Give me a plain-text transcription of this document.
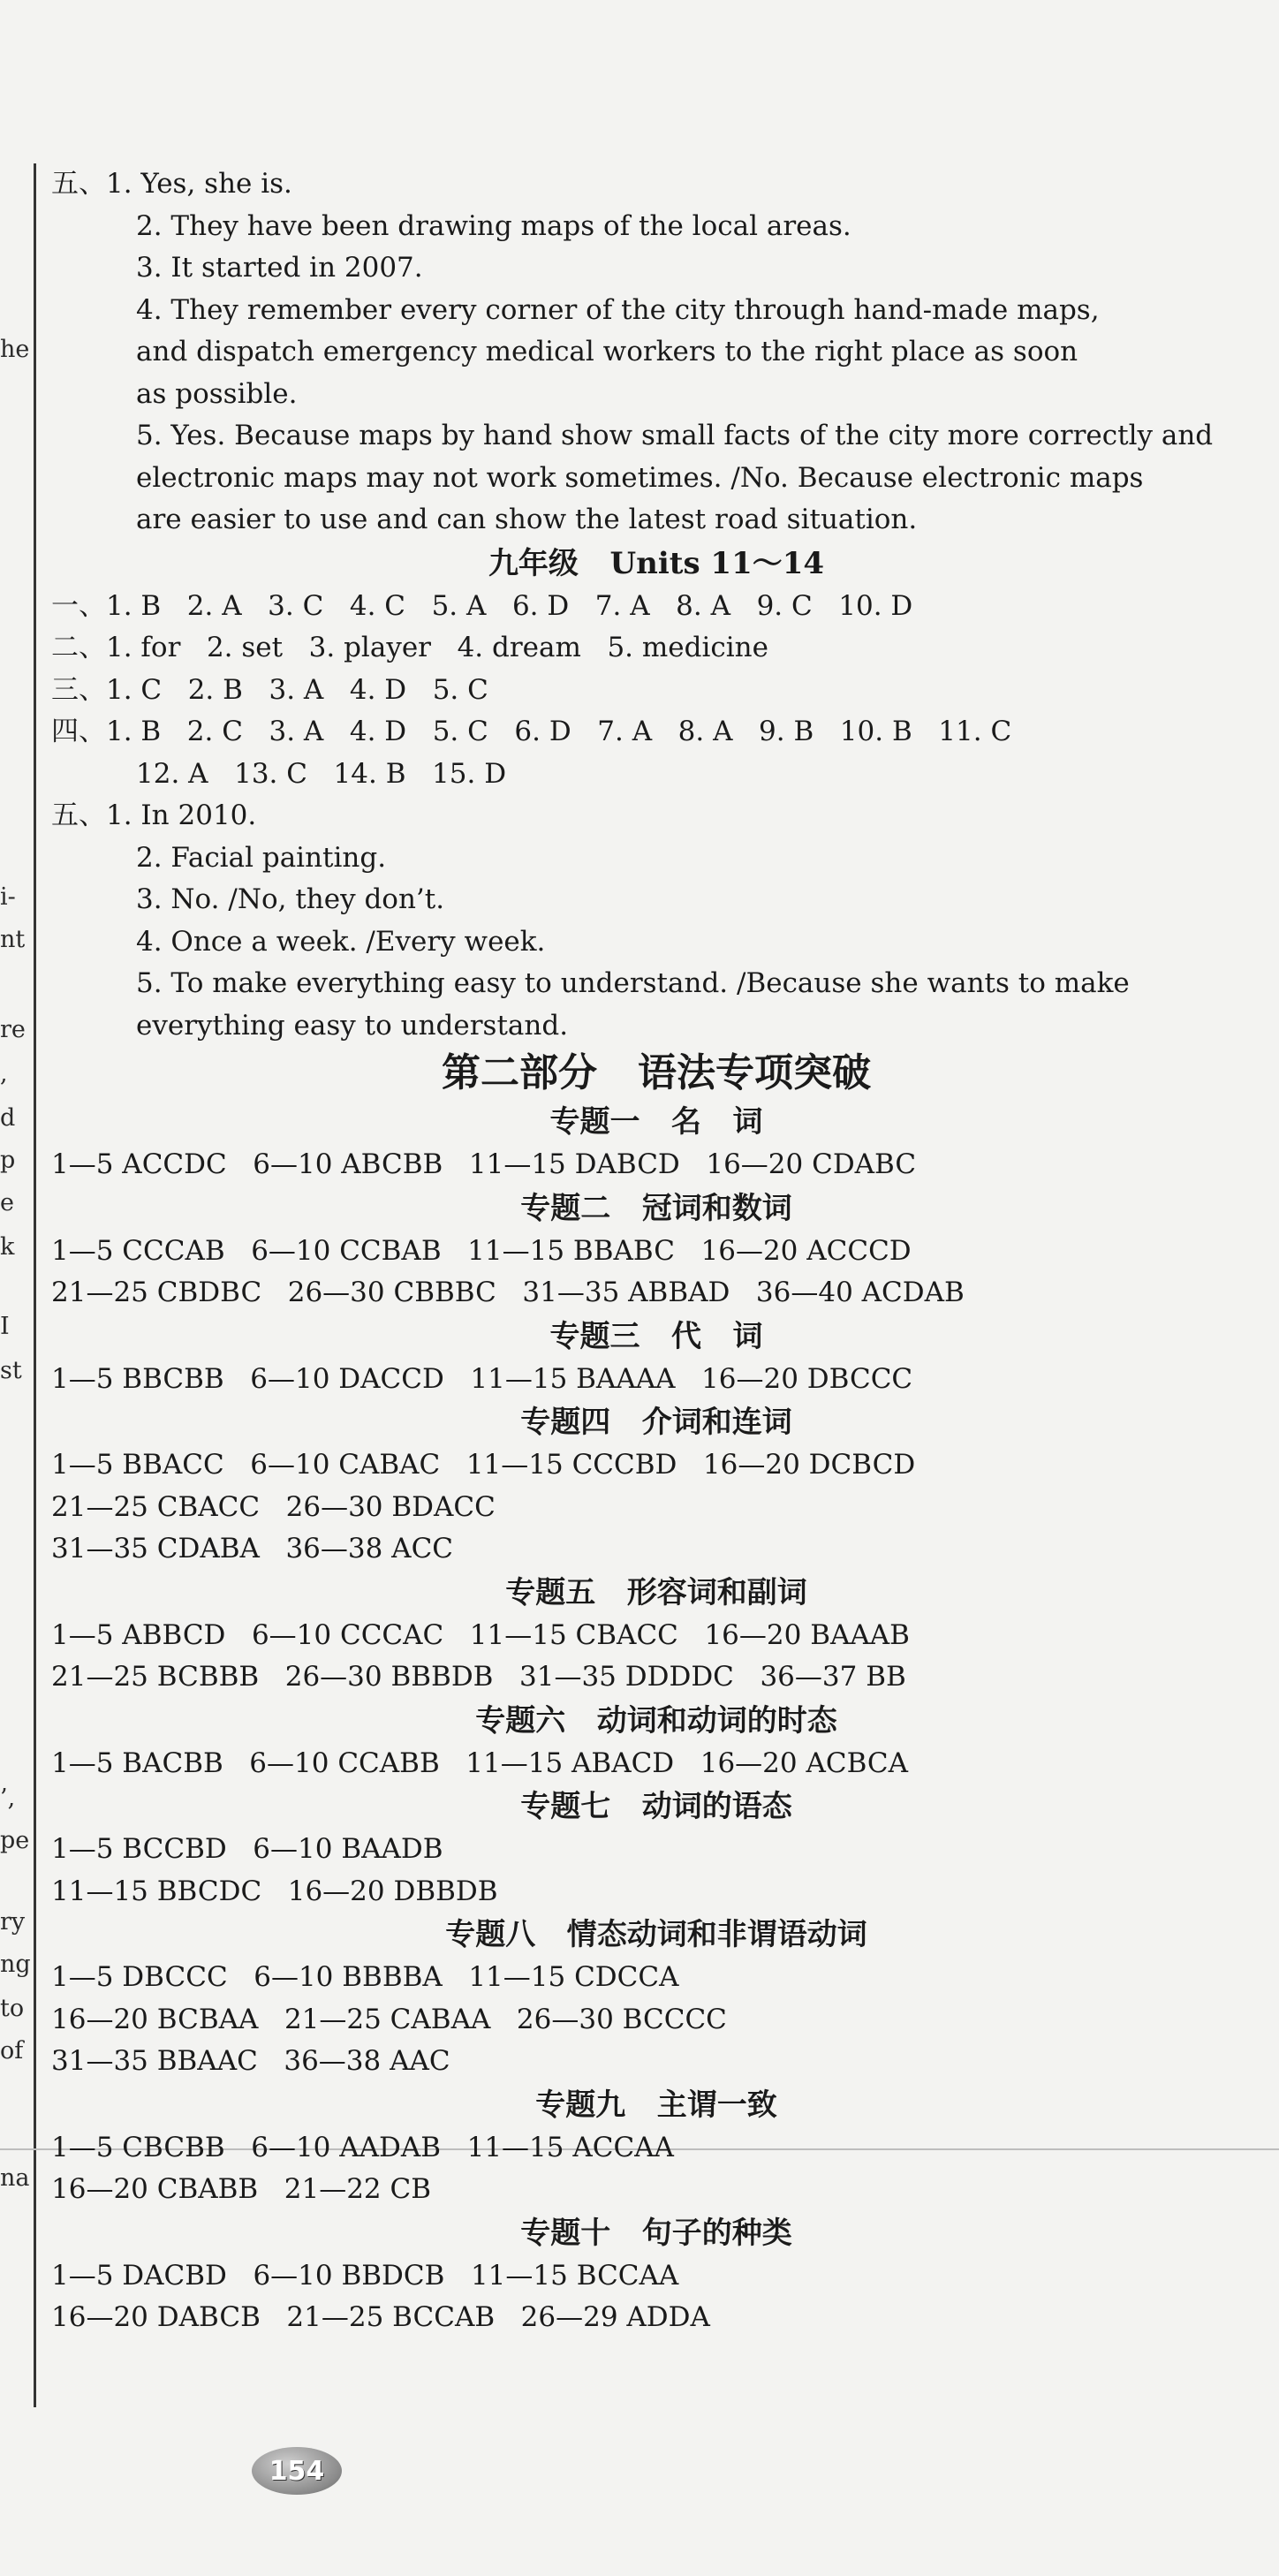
he
i-
nt
re
,
d
p
e
k
I
st
’,
pe
ry
ng
to
of
na

五、1. Yes, she is.

2. They have been drawing maps of the local areas.

3. It started in 2007.

4. They remember every corner of the city through hand-made maps,

and dispatch emergency medical workers to the right place as soon

as possible.

5. Yes. Because maps by hand show small facts of the city more correctly and

electronic maps may not work sometimes. /No. Because electronic maps

are easier to use and can show the latest road situation.

九年级   Units 11～14

一、1. B   2. A   3. C   4. C   5. A   6. D   7. A   8. A   9. C   10. D

二、1. for   2. set   3. player   4. dream   5. medicine

三、1. C   2. B   3. A   4. D   5. C

四、1. B   2. C   3. A   4. D   5. C   6. D   7. A   8. A   9. B   10. B   11. C

12. A   13. C   14. B   15. D

五、1. In 2010.

2. Facial painting.

3. No. /No, they don’t.

4. Once a week. /Every week.

5. To make everything easy to understand. /Because she wants to make

everything easy to understand.

第二部分   语法专项突破

专题一   名   词

1—5 ACCDC   6—10 ABCBB   11—15 DABCD   16—20 CDABC

专题二   冠词和数词

1—5 CCCAB   6—10 CCBAB   11—15 BBABC   16—20 ACCCD

21—25 CBDBC   26—30 CBBBC   31—35 ABBAD   36—40 ACDAB

专题三   代   词

1—5 BBCBB   6—10 DACCD   11—15 BAAAA   16—20 DBCCC

专题四   介词和连词

1—5 BBACC   6—10 CABAC   11—15 CCCBD   16—20 DCBCD

21—25 CBACC   26—30 BDACC

31—35 CDABA   36—38 ACC

专题五   形容词和副词

1—5 ABBCD   6—10 CCCAC   11—15 CBACC   16—20 BAAAB

21—25 BCBBB   26—30 BBBDB   31—35 DDDDC   36—37 BB

专题六   动词和动词的时态

1—5 BACBB   6—10 CCABB   11—15 ABACD   16—20 ACBCA

专题七   动词的语态

1—5 BCCBD   6—10 BAADB

11—15 BBCDC   16—20 DBBDB

专题八   情态动词和非谓语动词

1—5 DBCCC   6—10 BBBBA   11—15 CDCCA

16—20 BCBAA   21—25 CABAA   26—30 BCCCC

31—35 BBAAC   36—38 AAC

专题九   主谓一致

1—5 CBCBB   6—10 AADAB   11—15 ACCAA

16—20 CBABB   21—22 CB

专题十   句子的种类

1—5 DACBD   6—10 BBDCB   11—15 BCCAA

16—20 DABCB   21—25 BCCAB   26—29 ADDA

154
